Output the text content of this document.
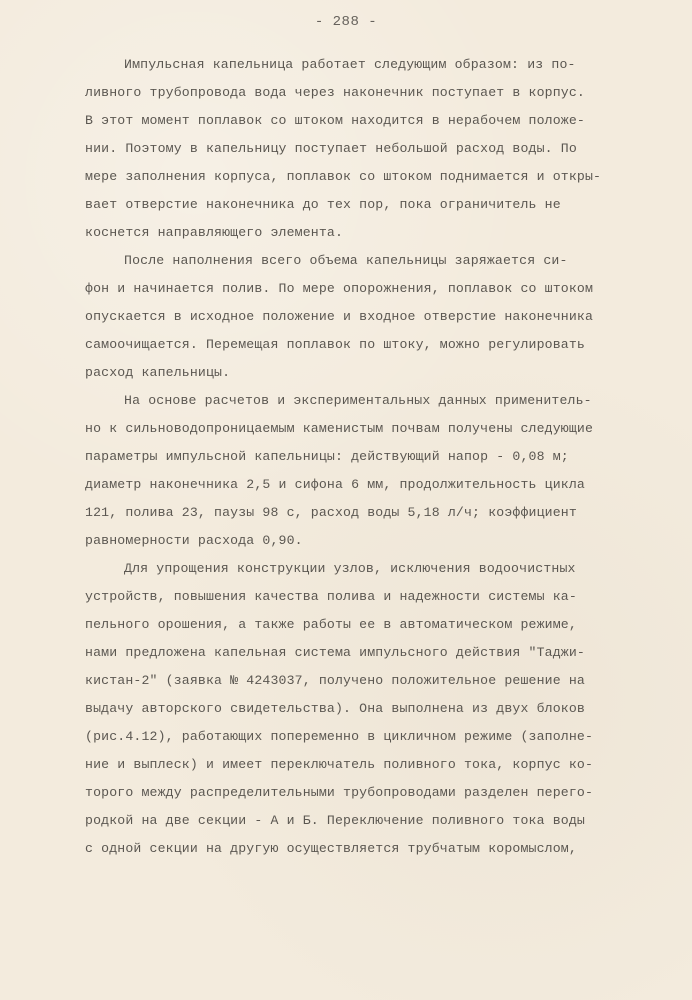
- 288 -
Импульсная капельница работает следующим образом: из по-
ливного трубопровода вода через наконечник поступает в корпус.
В этот момент поплавок со штоком находится в нерабочем положе-
нии. Поэтому в капельницу поступает небольшой расход воды. По
мере заполнения корпуса, поплавок со штоком поднимается и откры-
вает отверстие наконечника до тех пор, пока ограничитель не
коснется направляющего элемента.
После наполнения всего объема капельницы заряжается си-
фон и начинается полив. По мере опорожнения, поплавок со штоком
опускается в исходное положение и входное отверстие наконечника
самоочищается. Перемещая поплавок по штоку, можно регулировать
расход капельницы.
На основе расчетов и экспериментальных данных применитель-
но к сильноводопроницаемым каменистым почвам получены следующие
параметры импульсной капельницы: действующий напор - 0,08 м;
диаметр наконечника 2,5 и сифона 6 мм, продолжительность цикла
121, полива 23, паузы 98 с, расход воды 5,18 л/ч; коэффициент
равномерности расхода 0,90.
Для упрощения конструкции узлов, исключения водоочистных
устройств, повышения качества полива и надежности системы ка-
пельного орошения, а также работы ее в автоматическом режиме,
нами предложена капельная система импульсного действия "Таджи-
кистан-2" (заявка № 4243037, получено положительное решение на
выдачу авторского свидетельства). Она выполнена из двух блоков
(рис.4.12), работающих попеременно в цикличном режиме (заполне-
ние и выплеск) и имеет переключатель поливного тока, корпус ко-
торого между распределительными трубопроводами разделен перего-
родкой на две секции - А и Б. Переключение поливного тока воды
с одной секции на другую осуществляется трубчатым коромыслом,
